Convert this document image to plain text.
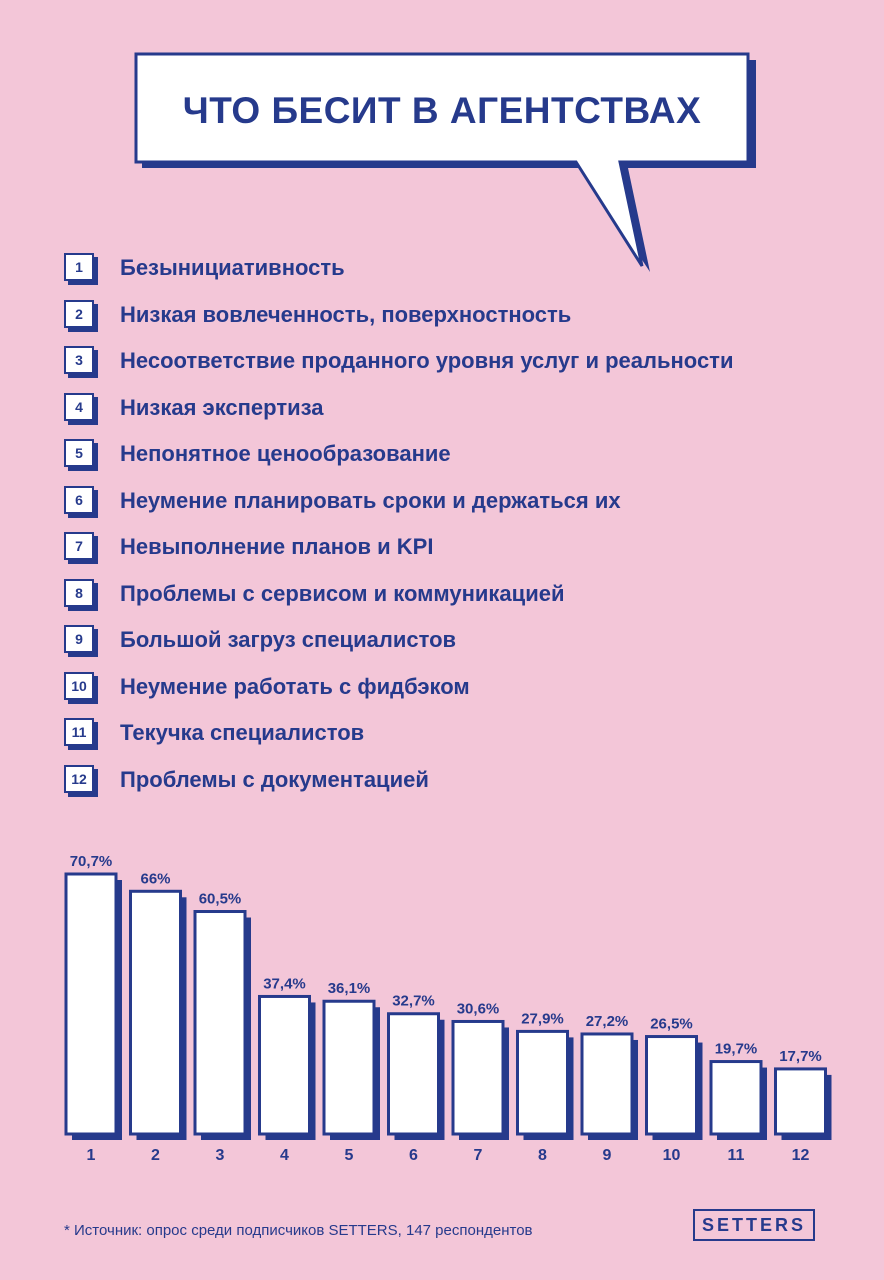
ЧТО БЕСИТ В АГЕНТСТВАХ
1	Безынициативность
2	Низкая вовлеченность, поверхностность
3	Несоответствие проданного уровня услуг и реальности
4	Низкая экспертиза
5	Непонятное ценообразование
6	Неумение планировать сроки и держаться их
7	Невыполнение планов и KPI
8	Проблемы с сервисом и коммуникацией
9	Большой загруз специалистов
10	Неумение работать с фидбэком
11	Текучка специалистов
12	Проблемы с документацией
70,7%
1
66%
2
60,5%
3
37,4%
4
36,1%
5
32,7%
6
30,6%
7
27,9%
8
27,2%
9
26,5%
10
19,7%
11
17,7%
12
* Источник: опрос среди подписчиков SETTERS, 147 респондентов	SETTERS
